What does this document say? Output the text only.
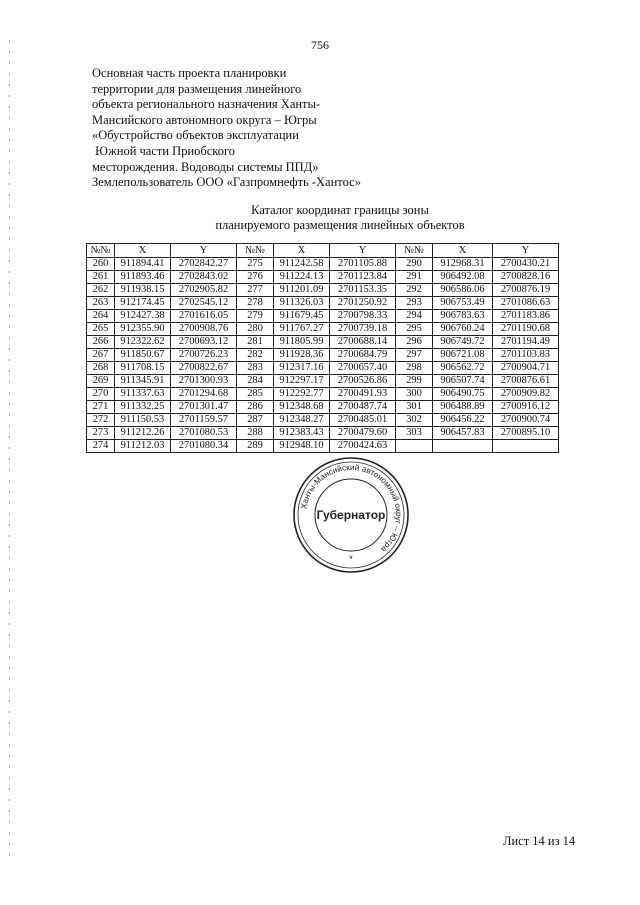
756
Основная часть проекта планировки
территории для размещения линейного
объекта регионального назначения Ханты-
Мансийского автономного округа – Югры
«Обустройство объектов эксплуатации
Южной части Приобского
месторождения. Водоводы системы ППД»
Землепользователь ООО «Газпромнефть -Хантос»
Каталог координат границы зоны
планируемого размещения линейных объектов
№№	X	Y	№№	X	Y	№№	X	Y
260	911894.41	2702842.27	275	911242.58	2701105.88	290	912968.31	2700430.21
261	911893.46	2702843.02	276	911224.13	2701123.84	291	906492.08	2700828.16
262	911938.15	2702905.82	277	911201.09	2701153.35	292	906586.06	2700876.19
263	912174.45	2702545.12	278	911326.03	2701250.92	293	906753.49	2701086.63
264	912427.38	2701616.05	279	911679.45	2700798.33	294	906783.63	2701183.86
265	912355.90	2700908.76	280	911767.27	2700739.18	295	906760.24	2701190.68
266	912322.62	2700693.12	281	911805.99	2700688.14	296	906749.72	2701194.49
267	911850.67	2700726.23	282	911928.36	2700684.79	297	906721.08	2701103.83
268	911708.15	2700822.67	283	912317.16	2700657.40	298	906562.72	2700904.71
269	911345.91	2701300.93	284	912297.17	2700526.86	299	906507.74	2700876.61
270	911337.63	2701294.68	285	912292.77	2700491.93	300	906490.75	2700909.82
271	911332.25	2701301.47	286	912348.68	2700487.74	301	906488.89	2700916.12
272	911150.53	2701159.57	287	912348.27	2700485.01	302	906456.22	2700900.74
273	911212.26	2701080.53	288	912383.43	2700479.60	303	906457.83	2700895.10
274	911212.03	2701080.34	289	912948.10	2700424.63			
Ханты-Мансийский автономный округ – Югра
Губернатор
*
Лист 14 из 14
